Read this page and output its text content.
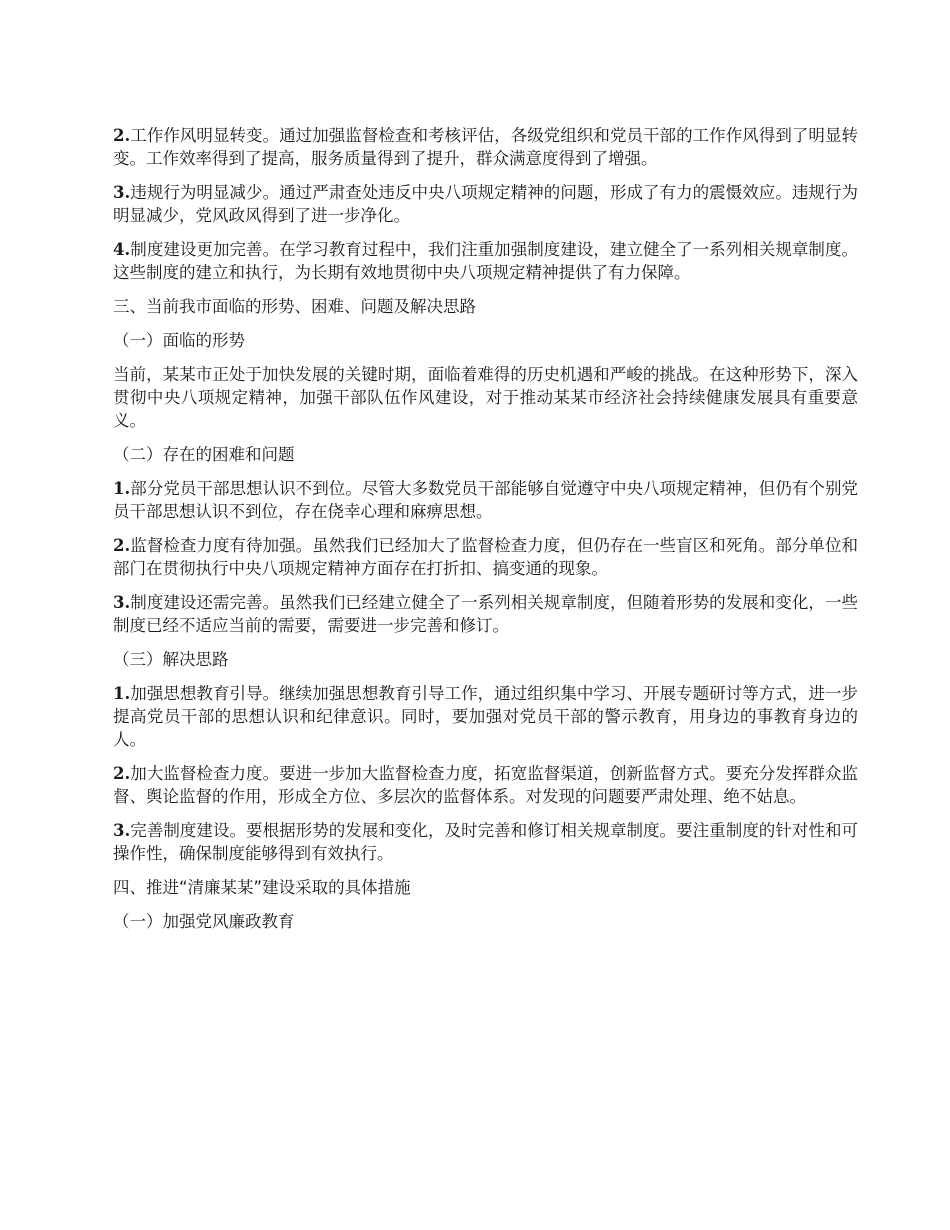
2.工作作风明显转变。通过加强监督检查和考核评估，各级党组织和党员干部的工作作风得到了明显转变。工作效率得到了提高，服务质量得到了提升，群众满意度得到了增强。

3.违规行为明显减少。通过严肃查处违反中央八项规定精神的问题，形成了有力的震慑效应。违规行为明显减少，党风政风得到了进一步净化。

4.制度建设更加完善。在学习教育过程中，我们注重加强制度建设，建立健全了一系列相关规章制度。这些制度的建立和执行，为长期有效地贯彻中央八项规定精神提供了有力保障。

三、当前我市面临的形势、困难、问题及解决思路

（一）面临的形势

当前，某某市正处于加快发展的关键时期，面临着难得的历史机遇和严峻的挑战。在这种形势下，深入贯彻中央八项规定精神，加强干部队伍作风建设，对于推动某某市经济社会持续健康发展具有重要意义。

（二）存在的困难和问题

1.部分党员干部思想认识不到位。尽管大多数党员干部能够自觉遵守中央八项规定精神，但仍有个别党员干部思想认识不到位，存在侥幸心理和麻痹思想。

2.监督检查力度有待加强。虽然我们已经加大了监督检查力度，但仍存在一些盲区和死角。部分单位和部门在贯彻执行中央八项规定精神方面存在打折扣、搞变通的现象。

3.制度建设还需完善。虽然我们已经建立健全了一系列相关规章制度，但随着形势的发展和变化，一些制度已经不适应当前的需要，需要进一步完善和修订。

（三）解决思路

1.加强思想教育引导。继续加强思想教育引导工作，通过组织集中学习、开展专题研讨等方式，进一步提高党员干部的思想认识和纪律意识。同时，要加强对党员干部的警示教育，用身边的事教育身边的人。

2.加大监督检查力度。要进一步加大监督检查力度，拓宽监督渠道，创新监督方式。要充分发挥群众监督、舆论监督的作用，形成全方位、多层次的监督体系。对发现的问题要严肃处理、绝不姑息。

3.完善制度建设。要根据形势的发展和变化，及时完善和修订相关规章制度。要注重制度的针对性和可操作性，确保制度能够得到有效执行。

四、推进“清廉某某”建设采取的具体措施

（一）加强党风廉政教育
